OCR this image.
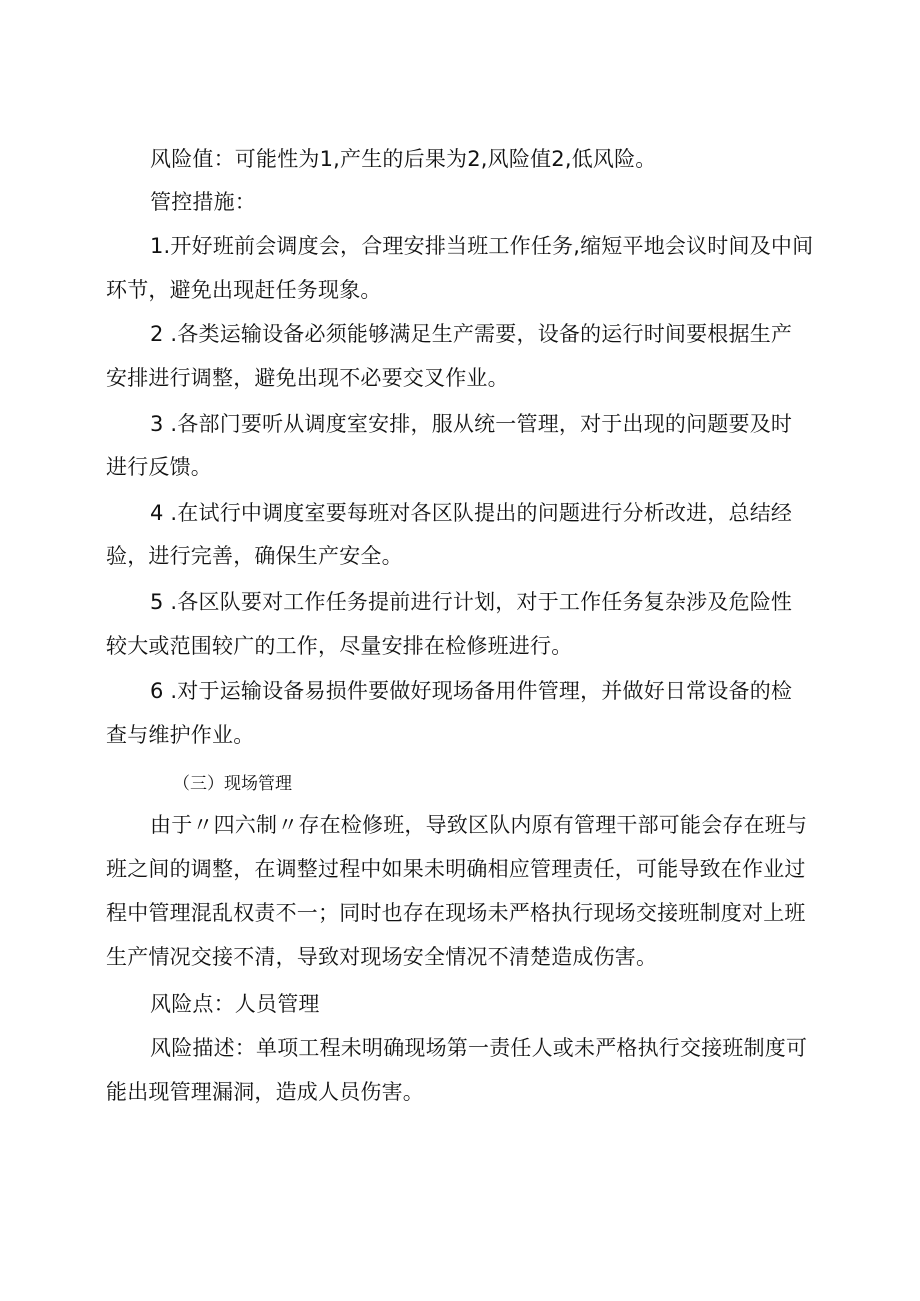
风险值：可能性为1,产生的后果为2,风险值2,低风险。
管控措施：
1.开好班前会调度会，合理安排当班工作任务,缩短平地会议时间及中间
环节，避免出现赶任务现象。
2 .各类运输设备必须能够满足生产需要，设备的运行时间要根据生产
安排进行调整，避免出现不必要交叉作业。
3 .各部门要听从调度室安排，服从统一管理，对于出现的问题要及时
进行反馈。
4 .在试行中调度室要每班对各区队提出的问题进行分析改进，总结经
验，进行完善，确保生产安全。
5 .各区队要对工作任务提前进行计划，对于工作任务复杂涉及危险性
较大或范围较广的工作，尽量安排在检修班进行。
6 .对于运输设备易损件要做好现场备用件管理，并做好日常设备的检
查与维护作业。
（三）现场管理
由于〃四六制〃存在检修班，导致区队内原有管理干部可能会存在班与
班之间的调整，在调整过程中如果未明确相应管理责任，可能导致在作业过
程中管理混乱权责不一；同时也存在现场未严格执行现场交接班制度对上班
生产情况交接不清，导致对现场安全情况不清楚造成伤害。
风险点：人员管理
风险描述：单项工程未明确现场第一责任人或未严格执行交接班制度可
能出现管理漏洞，造成人员伤害。
